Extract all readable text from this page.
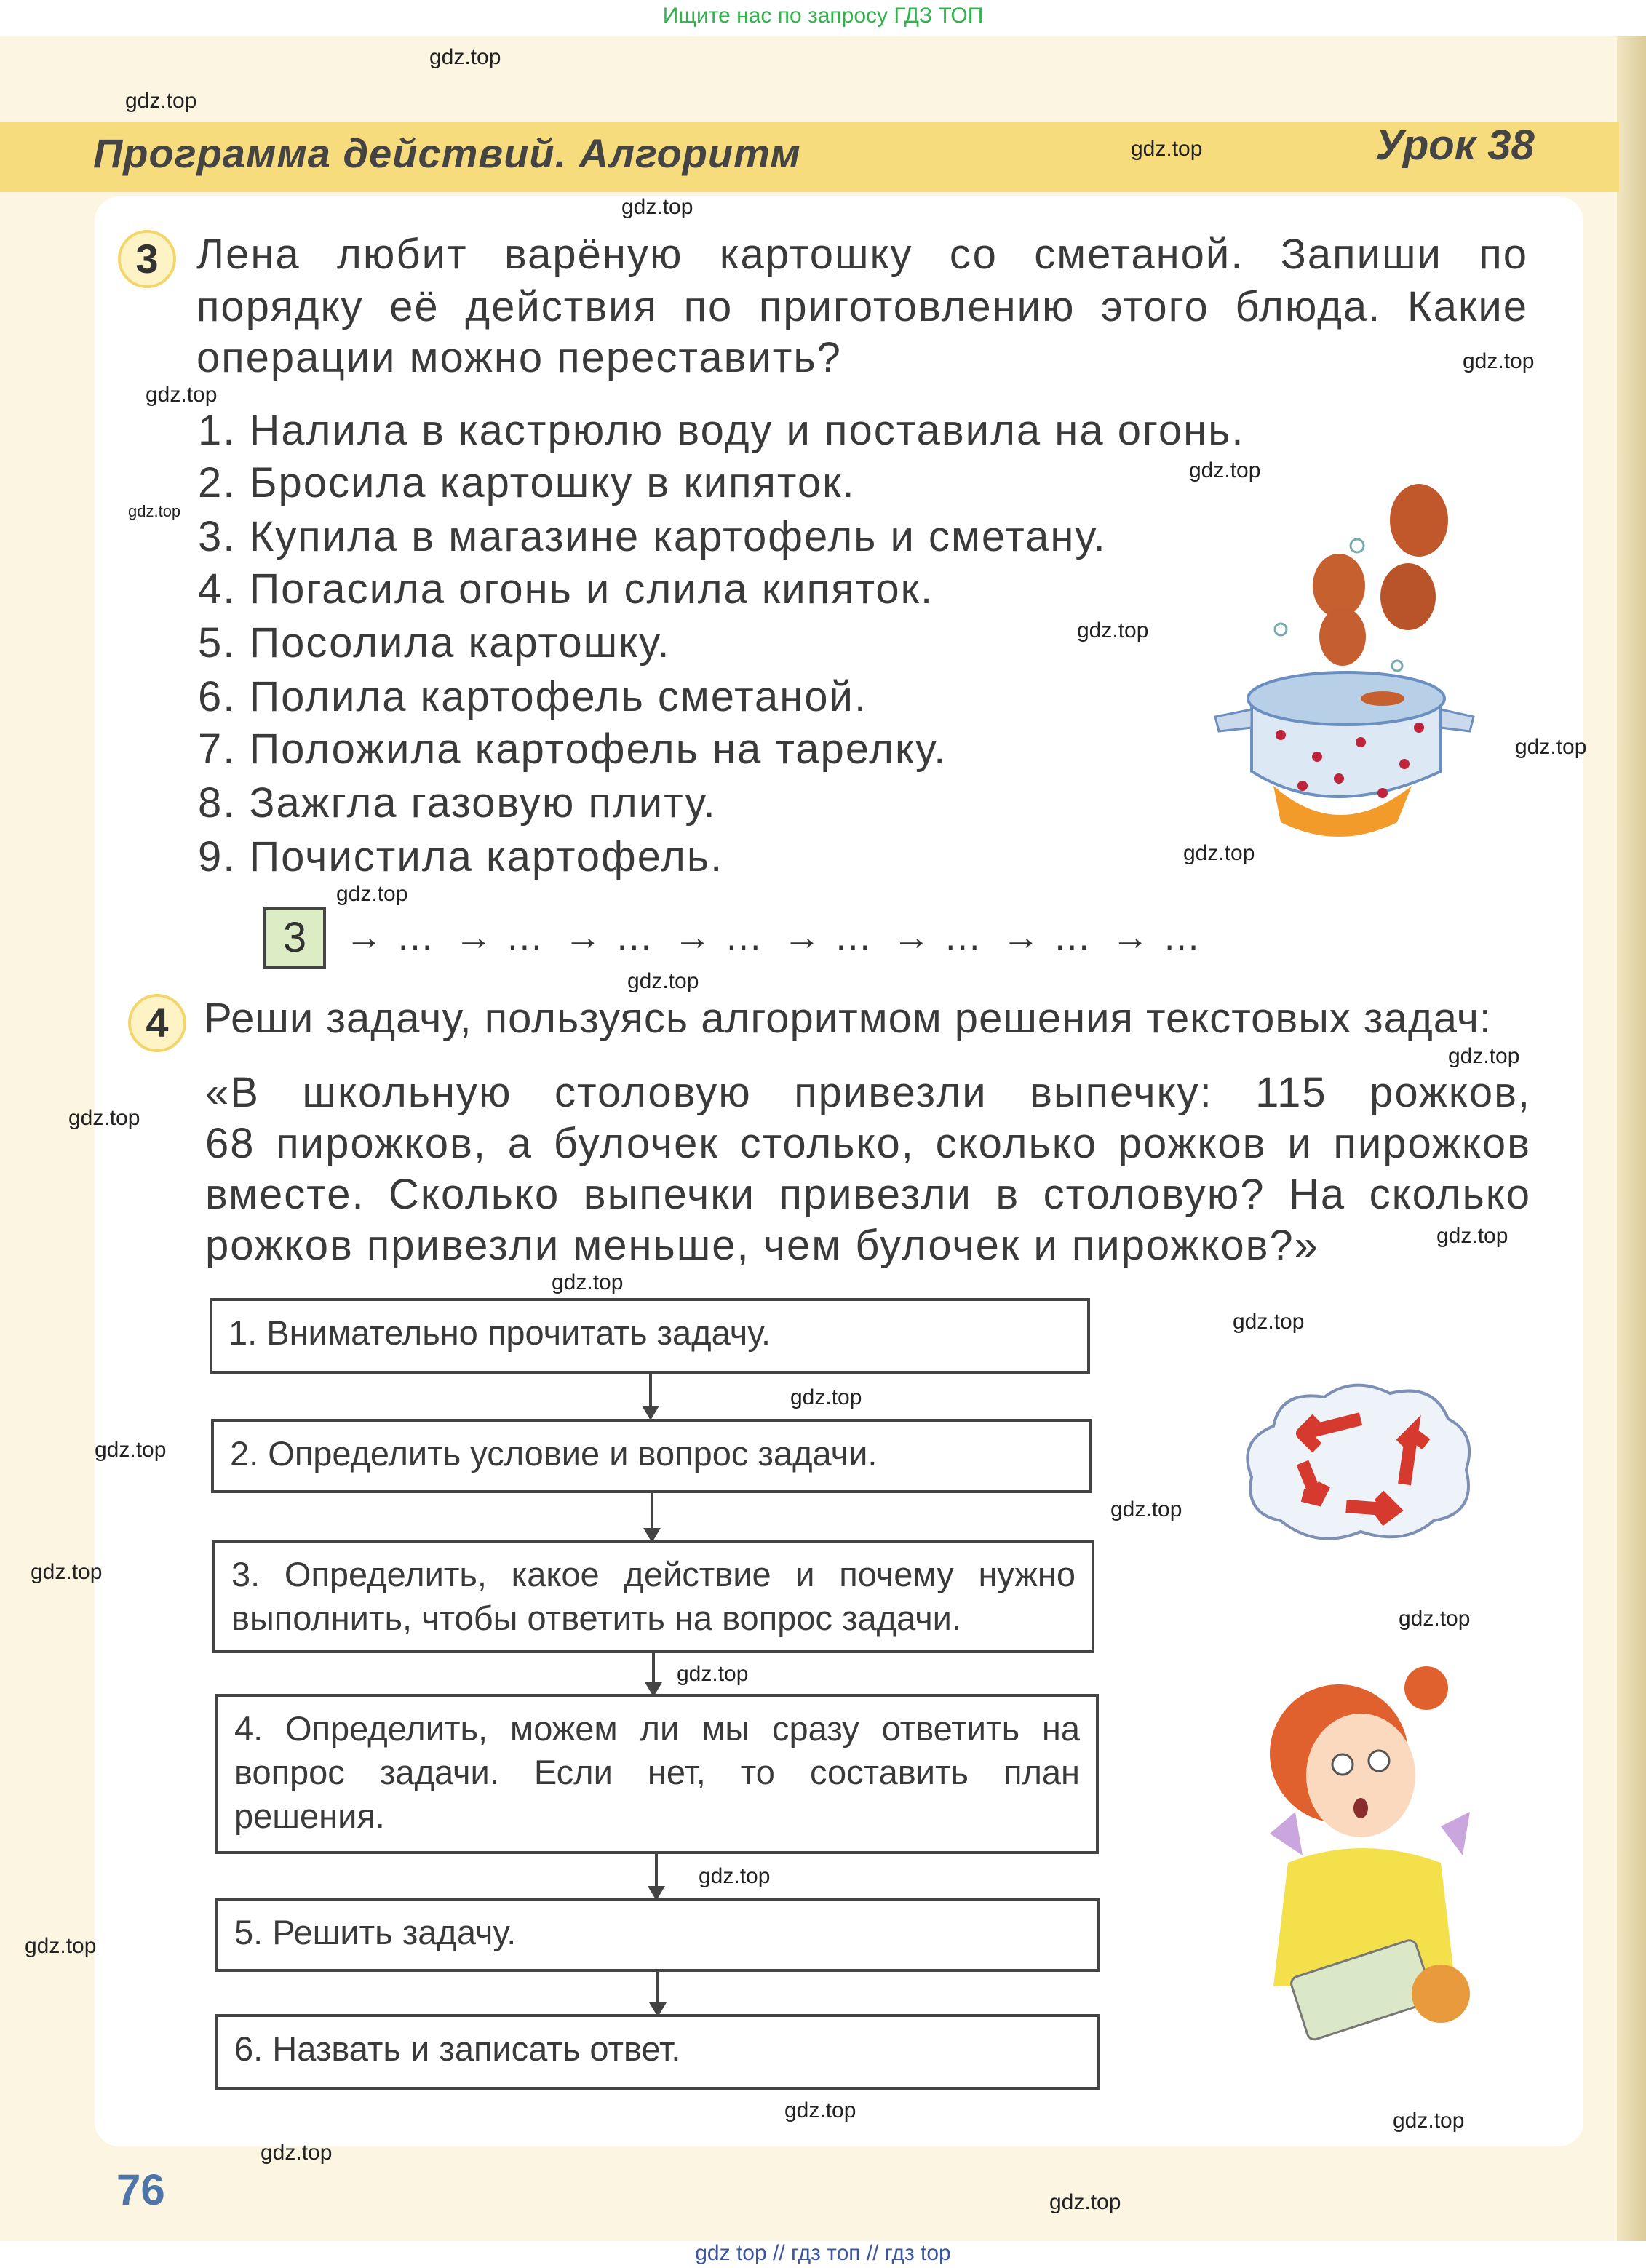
Ищите нас по запросу ГДЗ ТОП
Программа действий. Алгоритм	Урок 38
3 Лена любит варёную картошку со сметаной. Запиши по
порядку её действия по приготовлению этого блюда. Какие
операции можно переставить?
1. Налила в кастрюлю воду и поставила на огонь.
2. Бросила картошку в кипяток.
3. Купила в магазине картофель и сметану.
4. Погасила огонь и слила кипяток.
5. Посолила картошку.
6. Полила картофель сметаной.
7. Положила картофель на тарелку.
8. Зажгла газовую плиту.
9. Почистила картофель.
3	→ … → … → … → … → … → … → … → …
4 Реши задачу, пользуясь алгоритмом решения текстовых задач:
«В школьную столовую привезли выпечку: 115 рожков,
68 пирожков, а булочек столько, сколько рожков и пирожков
вместе. Сколько выпечки привезли в столовую? На сколько
рожков привезли меньше, чем булочек и пирожков?»
1. Внимательно прочитать задачу.
2. Определить условие и вопрос задачи.
3. Определить, какое действие и почему нужно выполнить, чтобы ответить на вопрос задачи.
4. Определить, можем ли мы сразу ответить на вопрос задачи. Если нет, то составить план решения.
5. Решить задачу.
6. Назвать и записать ответ.
76
gdz top // гдз топ // гдз top
gdz.top
gdz.top
gdz.top
gdz.top
gdz.top
gdz.top
gdz.top
gdz.top
gdz.top
gdz.top
gdz.top
gdz.top
gdz.top
gdz.top
gdz.top
gdz.top
gdz.top
gdz.top
gdz.top
gdz.top
gdz.top
gdz.top
gdz.top
gdz.top
gdz.top
gdz.top
gdz.top	gdz.top
gdz.top
gdz.top
